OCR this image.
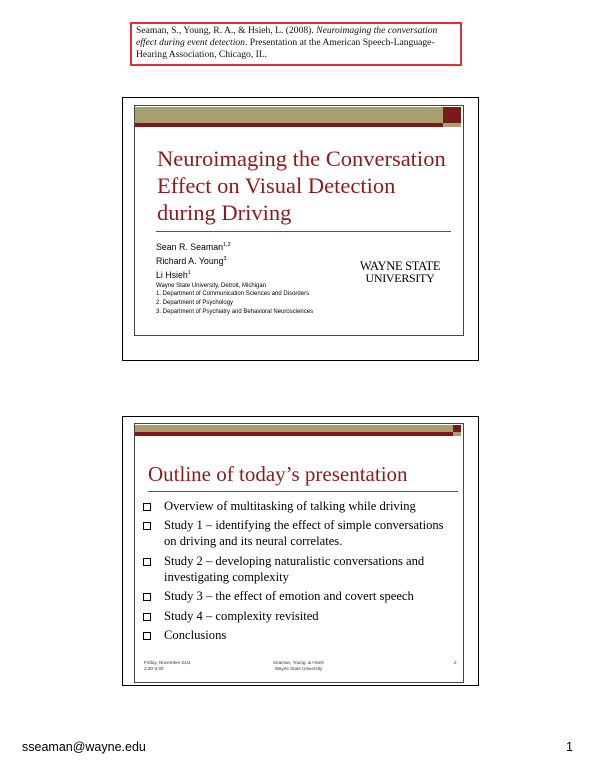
Seaman, S., Young, R. A., & Hsieh, L. (2008). Neuroimaging the conversation effect during event detection. Presentation at the American Speech-Language-Hearing Association, Chicago, IL.
Neuroimaging the Conversation Effect on Visual Detection during Driving
Sean R. Seaman$^{1,2}$
Richard A. Young$^3$
Li Hsieh$^1$
Wayne State University, Detroit, Michigan
1. Department of Communication Sciences and Disorders
2. Department of Psychology
3. Department of Psychiatry and Behavioral Neurosciences
WAYNE STATE
UNIVERSITY
Outline of today’s presentation
Overview of multitasking of talking while driving
Study 1 – identifying the effect of simple conversations on driving and its neural correlates.
Study 2 – developing naturalistic conversations and investigating complexity
Study 3 – the effect of emotion and covert speech
Study 4 – complexity revisited
Conclusions
Friday, November 21st,
2:30-3:30
Seaman, Young, & Hsieh
Wayne State University
2
sseaman@wayne.edu	1
